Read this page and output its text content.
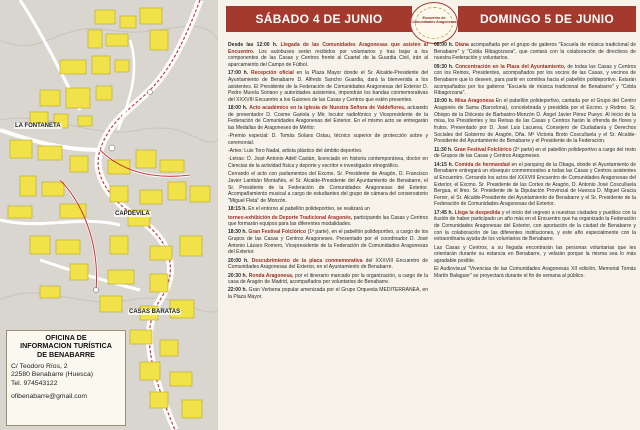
LA FONTANETA
CAPDEVILA
CASAS BARATAS
OFICINA DE
INFORMACION TURÍSTICA
DE BENABARRE
C/ Teodoro Ríos, 2
22580 Benabarre (Huesca)
Tel. 974543122
ofibenabarre@gmail.com
SÁBADO 4 DE JUNIO	Encuentro de Comunidades Aragonesas	DOMINGO 5 DE JUNIO

Desde las 12:00 h. Llegada de las Comunidades Aragonesas que asisten al Encuentro. Los autobuses serán recibidos por voluntarios y tras bajar a los componentes de las Casas y Centros frente al Cuartel de la Guardia Civil, irán al aparcamiento del Campo de Fútbol.

17:00 h. Recepción oficial en la Plaza Mayor donde el Sr. Alcalde-Presidente del Ayuntamiento de Benabarre D. Alfredo Sancho Guardia, dará la bienvenida a los asistentes. El Presidente de la Federación de Comunidades Aragonesas del Exterior D. Pedro Murela Soriano y autoridades asistentes, impondrán los bandas conmemorativas del XXXVIII Encuentro a los Guiones de las Casas y Centros que estén presentes.

18:00 h. Acto académico en la iglesia de Nuestra Señora de Valdeflores, actuando de presentador D. Cosme Gariola y Mir, locutor radiofónico y Vicepresidente de la Federación de Comunidades Aragonesas del Exterior. En el mismo acto se entregarán las Medallas de Aragoneses de Mérito:

-Premio especial: D. Tomás Solans Ostau, técnico superior de protección sobre y ceremonial.

-Artes: Luis Toro Nadal, artista plástico del ámbito deportivo.

-Letras: D. José Antonio Adell Castán, licenciado en historia contemporánea, doctor en Ciencias de la actividad física y deporte y escritor e investigador etnográfico.

Cerrando el acto con parlamentos del Excmo. Sr. Presidente de Aragón, D. Francisco Javier Lambán Montañés, el Sr. Alcalde-Presidente del Ayuntamiento de Benabarre, el Sr. Presidente de la Federación de Comunidades Aragonesas del Exterior. Acompañamiento musical a cargo de estudiantes del grupo de cámara del conservatorio "Miguel Fleta" de Monzón.

18:15 h. En el entorno al pabellón polideportivo, se realizará un

torneo-exhibición de Deporte Tradicional Aragonés, participando las Casas y Centros que formarán equipos para las diferentes modalidades.

18:30 h. Gran Festival Folclórico (1ª parte), en el pabellón polideportivo, a cargo de los Grupos de las Casas y Centros Aragoneses. Presentado por el coordinador D. José Antonio Lázaro Romero, Vicepresidente de la Federación de Comunidades Aragonesas del Exterior.

20:00 h. Descubrimiento de la placa conmemorativa del XXXVIII Encuentro de Comunidades Aragonesas del Exterior, en el Ayuntamiento de Benabarre.

20:30 h. Ronda Aragonesa, por el itinerario marcado por la organización, a cargo de la casa de Aragón de Madrid, acompañados por voluntarios de Benabarre.

22:00 h. Gran Verbena popular amenizada por el Grupo Orquesta MEDITERRANEA, en la Plaza Mayor.

08:00 h. Diana acompañada por el grupo de gaiteros "Escuela de música tradicional de Benabarre" y "Cobla Ribagorzana", que contará con la colaboración de directivos de nuestra Federación y voluntarios.

09:30 h. Concentración en la Plaza del Ayuntamiento, de todas las Casas y Centros con los Reinos, Presidentes, acompañados por los socios de las Casas, y vecinos de Benabarre que lo deseen, para partir en comitiva hacia el pabellón polideportivo. Estarán acompañados por los gaiteros "Escuela de música tradicional de Benabarre" y "Cobla Ribagorzana".

10:00 h. Misa Aragonesa En el pabellón polideportivo, cantada por el Grupo del Centro Aragonés de Sama (Barcelona), concelebrada y presidida por el Excmo. y Rvdmo. Sr. Obispo de la Diócesis de Barbastro-Monzón D. Ángel Javier Pérez Pueyo. Al inicio de la misa, los Presidentes y los Reinas de las Casas y Centros harán la ofrenda de flores y frutos. Presentado por D. José Luis Lacueva, Consejero de Ciudadanía y Derechos Sociales del Gobierno de Aragón, Dña. Mª Victoria Broto Cosculluela y el Sr. Alcalde-Presidente del Ayuntamiento de Benabarre y el Presidente de la Federación.

11:30 h. Gran Festival Folclórico (2ª parte) en el pabellón polideportivo a cargo del resto de Grupos de las Casas y Centros Aragoneses.

14:15 h. Comida de hermandad en el parquing de la Obaga, donde el Ayuntamiento de Benabarre entregará un obsequio conmemorativo a todas las Casas y Centros asistentes al Encuentro. Cerrando los actos del XXXVIII Encuentro de Comunidades Aragonesas del Exterior, el Excmo. Sr. Presidente de las Cortes de Aragón, D. Antonio José Cosculluela Bergua, el Ilmo. Sr. Presidente de la Diputación Provincial de Huesca D. Miguel Gracia Ferrer, el Sr. Alcalde-Presidente del Ayuntamiento de Benabarre y el Sr. Presidente de la Federación de Comunidades Aragonesas del Exterior.

17:45 h. Llega la despedida y el inicio del regreso a nuestras ciudades y pueblos con la ilusión de haber participado un año más en el Encuentro que ha organizado la Federación de Comunidades Aragonesas del Exterior, con aportación de la ciudad de Benabarre y con la colaboración de las diferentes instituciones, y este año especialmente con la extraordinaria ayuda de los voluntarios de Benabarre.

Las Casas y Centros, a su llegada encontrarán las personas voluntarias que les orientarán durante su estancia en Benabarre, y velarán porque la misma sea lo más agradable posible.

El Audiovisual "Vivencias de las Comunidades Aragonesas XII edición, Memorial Tomás Martín Balaguer" se proyectará durante el fin de semana al público.
